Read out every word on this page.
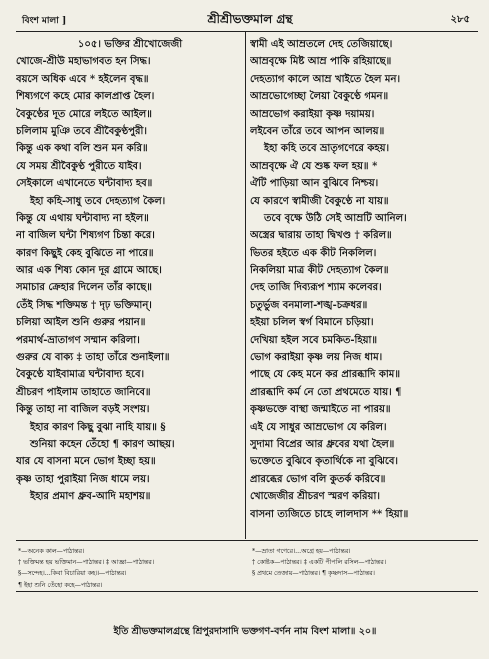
বিংশ মালা ]	শ্রীশ্রীভক্তমাল গ্রন্থ	২৮৫
১০৫। ভক্তির শ্রীখোজেজী
খোজে-শ্রীউ মহাভাগবত হন সিদ্ধ।
বয়সে অধিক এবে * হইলেন বৃদ্ধ॥
শিষ্যগণে কহে মোর কালপ্রাপ্ত হৈল।
বৈকুণ্ঠের দূত মোরে লইতে আইল॥
চলিলাম মুঞি তবে শ্রীবৈকুণ্ঠপুরী।
কিন্তু এক কথা বলি শুন মন করি॥
যে সময় শ্রীবৈকুণ্ঠ পুরীতে যাইব।
সেইকালে এখানেতে ঘন্টাবাদ্য হব॥
ইহা কহি-সাধু তবে দেহত্যাগ কৈল।
কিন্তু যে এথায় ঘন্টাবাদ্য না হইল॥
না বাজিল ঘন্টা শিষ্যগণ চিন্তা করে।
কারণ কিছুই কেহ বুঝিতে না পারে॥
আর এক শিষ্য কোন দূর গ্রামে আছে।
সমাচার ক্রেহার দিলেন তাঁর কাছে॥
তেঁই সিদ্ধ শক্তিমন্ত † দৃঢ় ভক্তিমান্।
চলিয়া আইল শুনি গুরুর পয়ান॥
পরমার্থ-ভ্রাতাগণ সম্মান করিলা।
গুরুর যে বাক্য ‡ তাহা তাঁরে শুনাইলা॥
বৈকুণ্ঠে যাইবামাত্র ঘন্টাবাদ্য হবে।
শ্রীচরণ পাইলাম তাহাতে জানিবে॥
কিন্তু তাহা না বাজিল বড়ই সংশয়।
ইহার কারণ কিছু বুঝা নাহি যায়॥ §
শুনিয়া কহেন তেঁহো ¶ কারণ আছয়।
যার যে বাসনা মনে ভোগ ইচ্ছা হয়॥
কৃষ্ণ তাহা পুরাইয়া নিজ ধামে লয়।
ইহার প্রমাণ ধ্রুব-আদি মহাশয়॥
স্বামী এই আম্রতলে দেহ তেজিয়াছে।
আম্রবৃক্ষে মিষ্ট আম্র পাকি রহিয়াছে॥
দেহত্যাগ কালে আম্র খাইতে হৈল মন।
আম্রভোগেচ্ছা লৈয়া বৈকুণ্ঠে গমন॥
আম্রভোগ করাইয়া কৃষ্ণ দয়াময়।
লইবেন তাঁরে তবে আপন আলয়॥
ইহা কহি তবে ভ্রাতৃগণেরে কহয়।
আম্রবৃক্ষে ঐ যে শুষ্ক ফল হয়॥ *
ঐটি পাড়িয়া আন বুঝিবে নিশ্চয়।
যে কারণে স্বামীজী বৈকুণ্ঠে না যায়॥
তবে বৃক্ষে উঠি সেই আম্রটি আনিল।
অস্ত্রের দ্বারায় তাহা দ্বিখণ্ড † করিল॥
ভিতর হইতে এক কীট নিকলিল।
নিকলিয়া মাত্র কীট দেহত্যাগ কৈল॥
দেহ তাজি দিব্যরূপ শ্যাম কলেবর।
চতুর্ভুজ বনমালা-শঙ্খ-চক্রধর॥
হইয়া চলিল স্বর্গ বিমানে চড়িয়া।
দেখিয়া হইল সবে চমকিত-হিয়া॥
ভোগ করাইয়া কৃষ্ণ লয় নিজ ধাম।
পাছে যে কেহ মনে কর প্রারব্ধাদি কাম॥
প্রারব্ধাদি কর্ম নে তো প্রথমেতে যায়। ¶
কৃষ্ণভক্তে বাস্থা জন্মাইতে না পারয়॥
এই যে সাধুর আম্রভোগ যে করিল।
সুদামা বিপ্রের আর ধ্রুবের যথা হৈল॥
ভক্তেতে বুঝিবে কৃতার্থিকে না বুঝিবে।
প্রারব্ধের ভোগ বলি কুতর্ক করিবে॥
খোজেজীর শ্রীচরণ স্মরণ করিয়া।
বাসনা ত্যজিতে চাহে লালদাস ** হিয়া॥
*—অনেক কাল—পাঠান্তর।
† ভক্তিমন্ত হয় ভক্তিমান—পাঠান্তর। ‡ আজ্ঞা—পাঠান্তর।
§—সন্দেহ।...কিবা বিচারিয়া কহ॥—পাঠান্তর।
¶ ইহা শুনি তেঁহো কহে—পাঠান্তর।
*—ভ্রাতা গণেরে।...অগ্রে হয়—পাঠান্তর।
† কোষ্টক—পাঠান্তর। ‡ একটি পীপলি রসিল—পাঠান্তর।
§ প্রথমে তেজায়—পাঠান্তর। ¶ কৃষ্ণদাস—পাঠান্তর।
ইতি শ্রীভক্তমালগ্রন্থে শ্রিপুরদাসাদি ভক্তগণ-বর্ণন নাম বিংশ মালা॥ ২০॥
